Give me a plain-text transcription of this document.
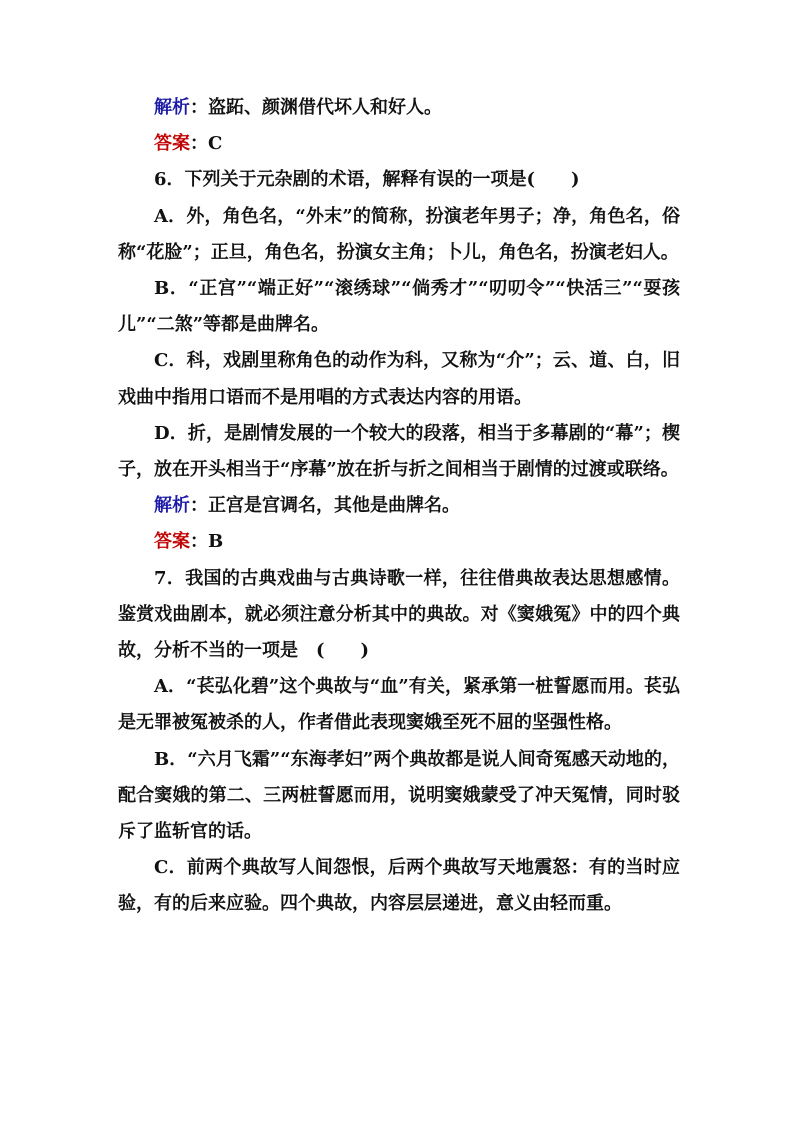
解析：盗跖、颜渊借代坏人和好人。

答案：C

6．下列关于元杂剧的术语，解释有误的一项是(　　)

A．外，角色名，“外末”的简称，扮演老年男子；净，角色名，俗称“花脸”；正旦，角色名，扮演女主角；卜儿，角色名，扮演老妇人。

B．“正宫”“端正好”“滚绣球”“倘秀才”“叨叨令”“快活三”“耍孩儿”“二煞”等都是曲牌名。

C．科，戏剧里称角色的动作为科，又称为“介”；云、道、白，旧戏曲中指用口语而不是用唱的方式表达内容的用语。

D．折，是剧情发展的一个较大的段落，相当于多幕剧的“幕”；楔子，放在开头相当于“序幕”放在折与折之间相当于剧情的过渡或联络。

解析：正宫是宫调名，其他是曲牌名。

答案：B

7．我国的古典戏曲与古典诗歌一样，往往借典故表达思想感情。鉴赏戏曲剧本，就必须注意分析其中的典故。对《窦娥冤》中的四个典故，分析不当的一项是　(　　)

A．“苌弘化碧”这个典故与“血”有关，紧承第一桩誓愿而用。苌弘是无罪被冤被杀的人，作者借此表现窦娥至死不屈的坚强性格。

B．“六月飞霜”“东海孝妇”两个典故都是说人间奇冤感天动地的，配合窦娥的第二、三两桩誓愿而用，说明窦娥蒙受了冲天冤情，同时驳斥了监斩官的话。

C．前两个典故写人间怨恨，后两个典故写天地震怒：有的当时应验，有的后来应验。四个典故，内容层层递进，意义由轻而重。
